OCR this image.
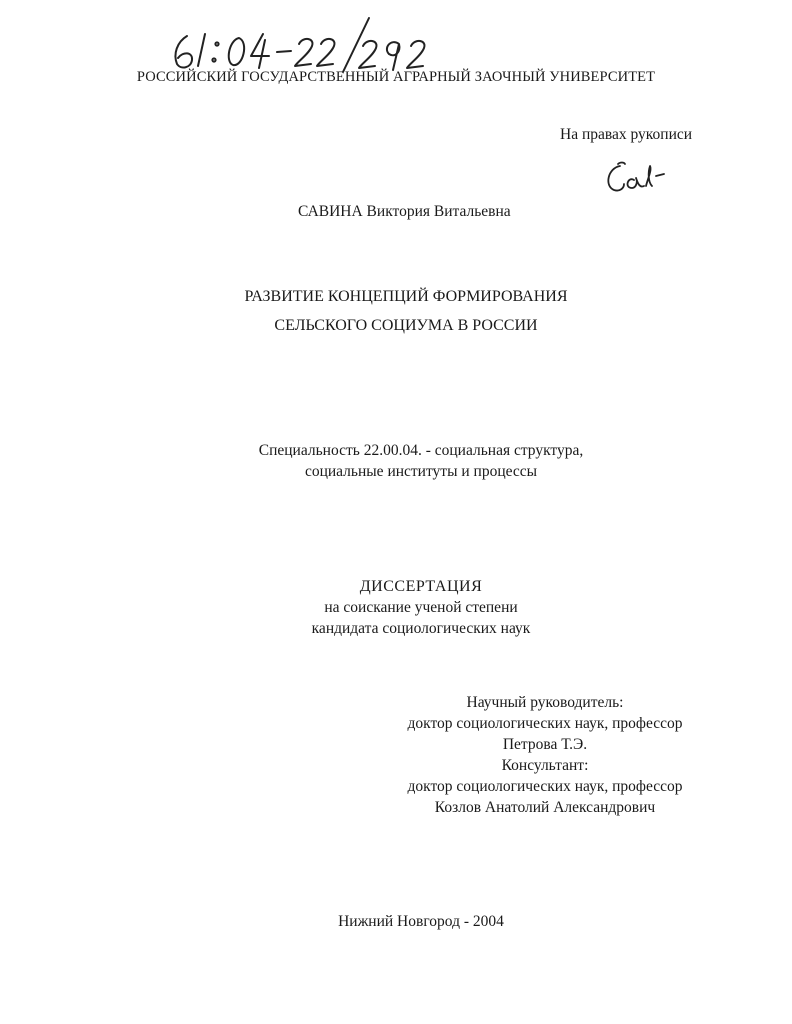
РОССИЙСКИЙ ГОСУДАРСТВЕННЫЙ АГРАРНЫЙ ЗАОЧНЫЙ УНИВЕРСИТЕТ
На правах рукописи
САВИНА Виктория Витальевна
РАЗВИТИЕ КОНЦЕПЦИЙ ФОРМИРОВАНИЯ
СЕЛЬСКОГО СОЦИУМА В РОССИИ
Специальность 22.00.04. - социальная структура,
социальные институты и процессы
ДИССЕРТАЦИЯ
на соискание ученой степени
кандидата социологических наук
Научный руководитель:
доктор социологических наук, профессор
Петрова Т.Э.
Консультант:
доктор социологических наук, профессор
Козлов Анатолий Александрович
Нижний Новгород - 2004
